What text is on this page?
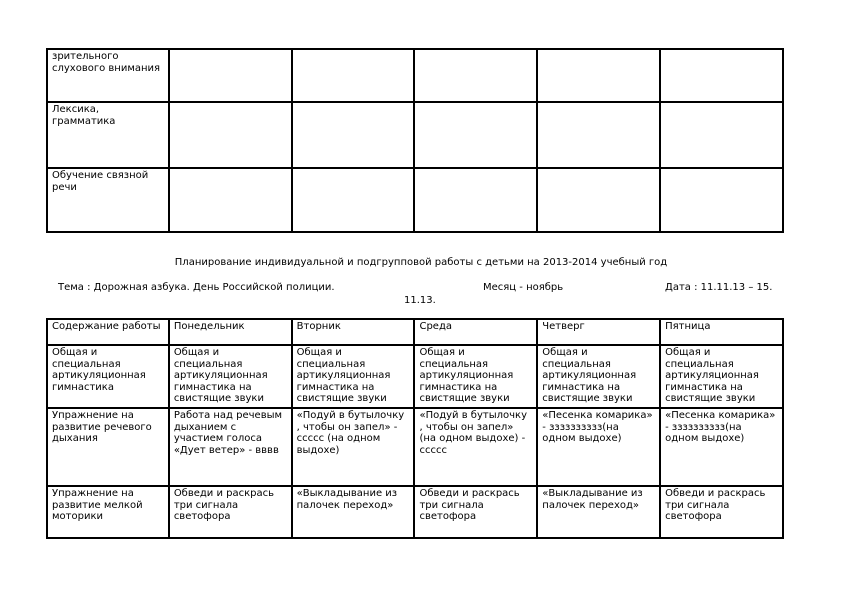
зрительного слухового внимания					
Лексика, грамматика					
Обучение связной речи					
Планирование индивидуальной и подгрупповой работы с детьми на 2013-2014 учебный год
Тема : Дорожная азбука. День Российской полиции.	Месяц - ноябрь	Дата : 11.11.13 – 15.
11.13.
Содержание работы	Понедельник	Вторник	Среда	Четверг	Пятница
Общая и специальная артикуляционная гимнастика	Общая и специальная артикуляционная гимнастика на свистящие звуки	Общая и специальная артикуляционная гимнастика на свистящие звуки	Общая и специальная артикуляционная гимнастика на свистящие звуки	Общая и специальная артикуляционная гимнастика на свистящие звуки	Общая и специальная артикуляционная гимнастика на свистящие звуки
Упражнение на развитие речевого дыхания	Работа над речевым дыханием с участием голоса «Дует ветер» - вввв	«Подуй в бутылочку , чтобы он запел» - ссссс (на одном выдохе)	«Подуй в бутылочку , чтобы он запел» (на одном выдохе) - ссссс	«Песенка комарика» - зззззззззз(на одном выдохе)	«Песенка комарика» - зззззззззз(на одном выдохе)
Упражнение на развитие мелкой моторики	Обведи и раскрась три сигнала светофора	«Выкладывание из палочек переход»	Обведи и раскрась три сигнала светофора	«Выкладывание из палочек переход»	Обведи и раскрась три сигнала светофора
